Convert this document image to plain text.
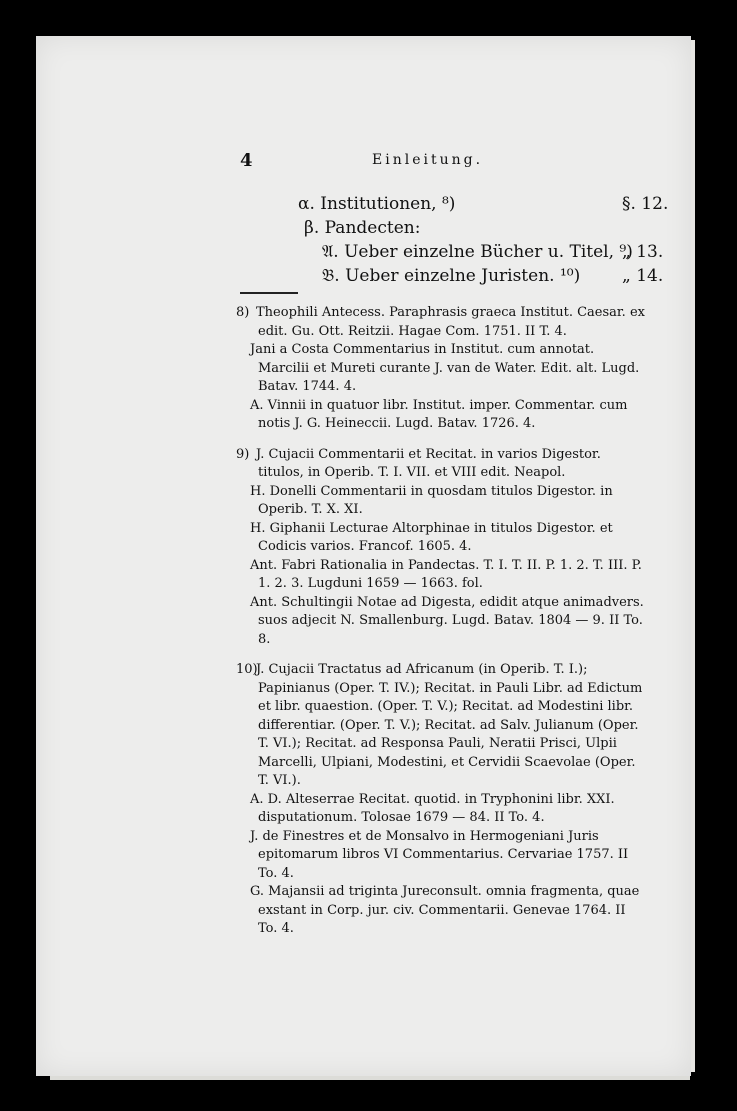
4	Einleitung.
α. Institutionen, ⁸)	§. 12.
β. Pandecten:
𝔄. Ueber einzelne Bücher u. Titel, ⁹)
„ 13.
𝔅. Ueber einzelne Juristen. ¹⁰) „ 14.
8) Theophili Antecess. Paraphrasis graeca Institut. Caesar. ex edit. Gu. Ott. Reitzii. Hagae Com. 1751. II T. 4.
Jani a Costa Commentarius in Institut. cum annotat. Marcilii et Mureti curante J. van de Water. Edit. alt. Lugd. Batav. 1744. 4.
A. Vinnii in quatuor libr. Institut. imper. Commentar. cum notis J. G. Heineccii. Lugd. Batav. 1726. 4.
9) J. Cujacii Commentarii et Recitat. in varios Digestor. titulos, in Operib. T. I. VII. et VIII edit. Neapol.
H. Donelli Commentarii in quosdam titulos Digestor. in Operib. T. X. XI.
H. Giphanii Lecturae Altorphinae in titulos Digestor. et Codicis varios. Francof. 1605. 4.
Ant. Fabri Rationalia in Pandectas. T. I. T. II. P. 1. 2. T. III. P. 1. 2. 3. Lugduni 1659 — 1663. fol.
Ant. Schultingii Notae ad Digesta, edidit atque animadvers. suos adjecit N. Smallenburg. Lugd. Batav. 1804 — 9. II To. 8.
10)J. Cujacii Tractatus ad Africanum (in Operib. T. I.); Papinianus (Oper. T. IV.); Recitat. in Pauli Libr. ad Edictum et libr. quaestion. (Oper. T. V.); Recitat. ad Modestini libr. differentiar. (Oper. T. V.); Recitat. ad Salv. Julianum (Oper. T. VI.); Recitat. ad Responsa Pauli, Neratii Prisci, Ulpii Marcelli, Ulpiani, Modestini, et Cervidii Scaevolae (Oper. T. VI.).
A. D. Alteserrae Recitat. quotid. in Tryphonini libr. XXI. disputationum. Tolosae 1679 — 84. II To. 4.
J. de Finestres et de Monsalvo in Hermogeniani Juris epitomarum libros VI Commentarius. Cervariae 1757. II To. 4.
G. Majansii ad triginta Jureconsult. omnia fragmenta, quae exstant in Corp. jur. civ. Commentarii. Genevae 1764. II To. 4.
